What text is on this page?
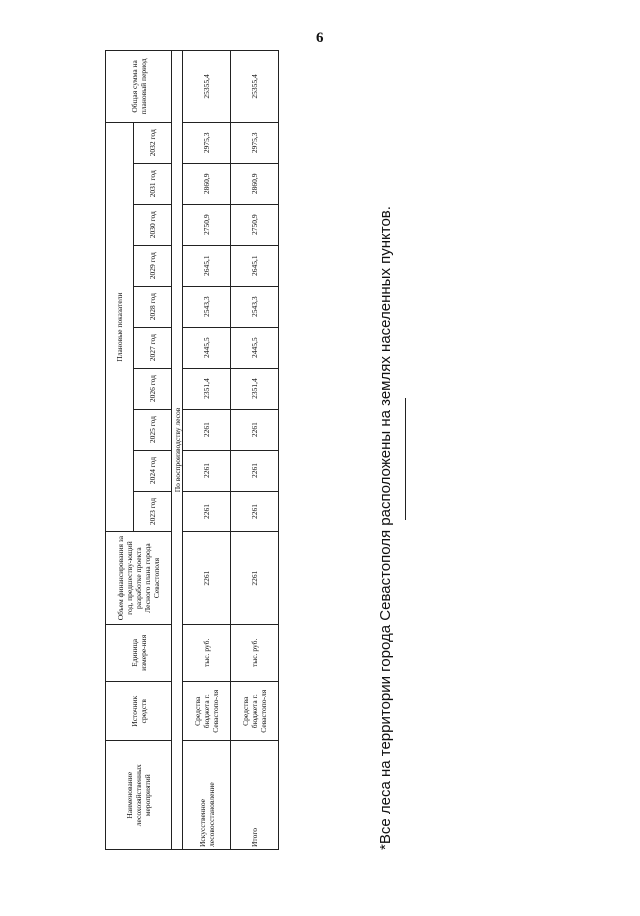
6
Наименование лесохозяйственных мероприятий	Источник средств	Единица измере-ния	Объем финансирования за год, предшеству-ющий разработке проекта Лесного плана города Севастополя	Плановые показатели										Общая сумма на плановый период
				2023 год	2024 год	2025 год	2026 год	2027 год	2028 год	2029 год	2030 год	2031 год	2032 год	
По воспроизводству лесов														
Искусственное лесовосстановление	Средства бюджета г. Севастопо-ля	тыс. руб.	2261	2261	2261	2261	2351,4	2445,5	2543,3	2645,1	2750,9	2860,9	2975,3	25355,4
Итого	Средства бюджета г. Севастопо-ля	тыс. руб.	2261	2261	2261	2261	2351,4	2445,5	2543,3	2645,1	2750,9	2860,9	2975,3	25355,4
*Все леса на территории города Севастополя расположены на землях населенных пунктов.
